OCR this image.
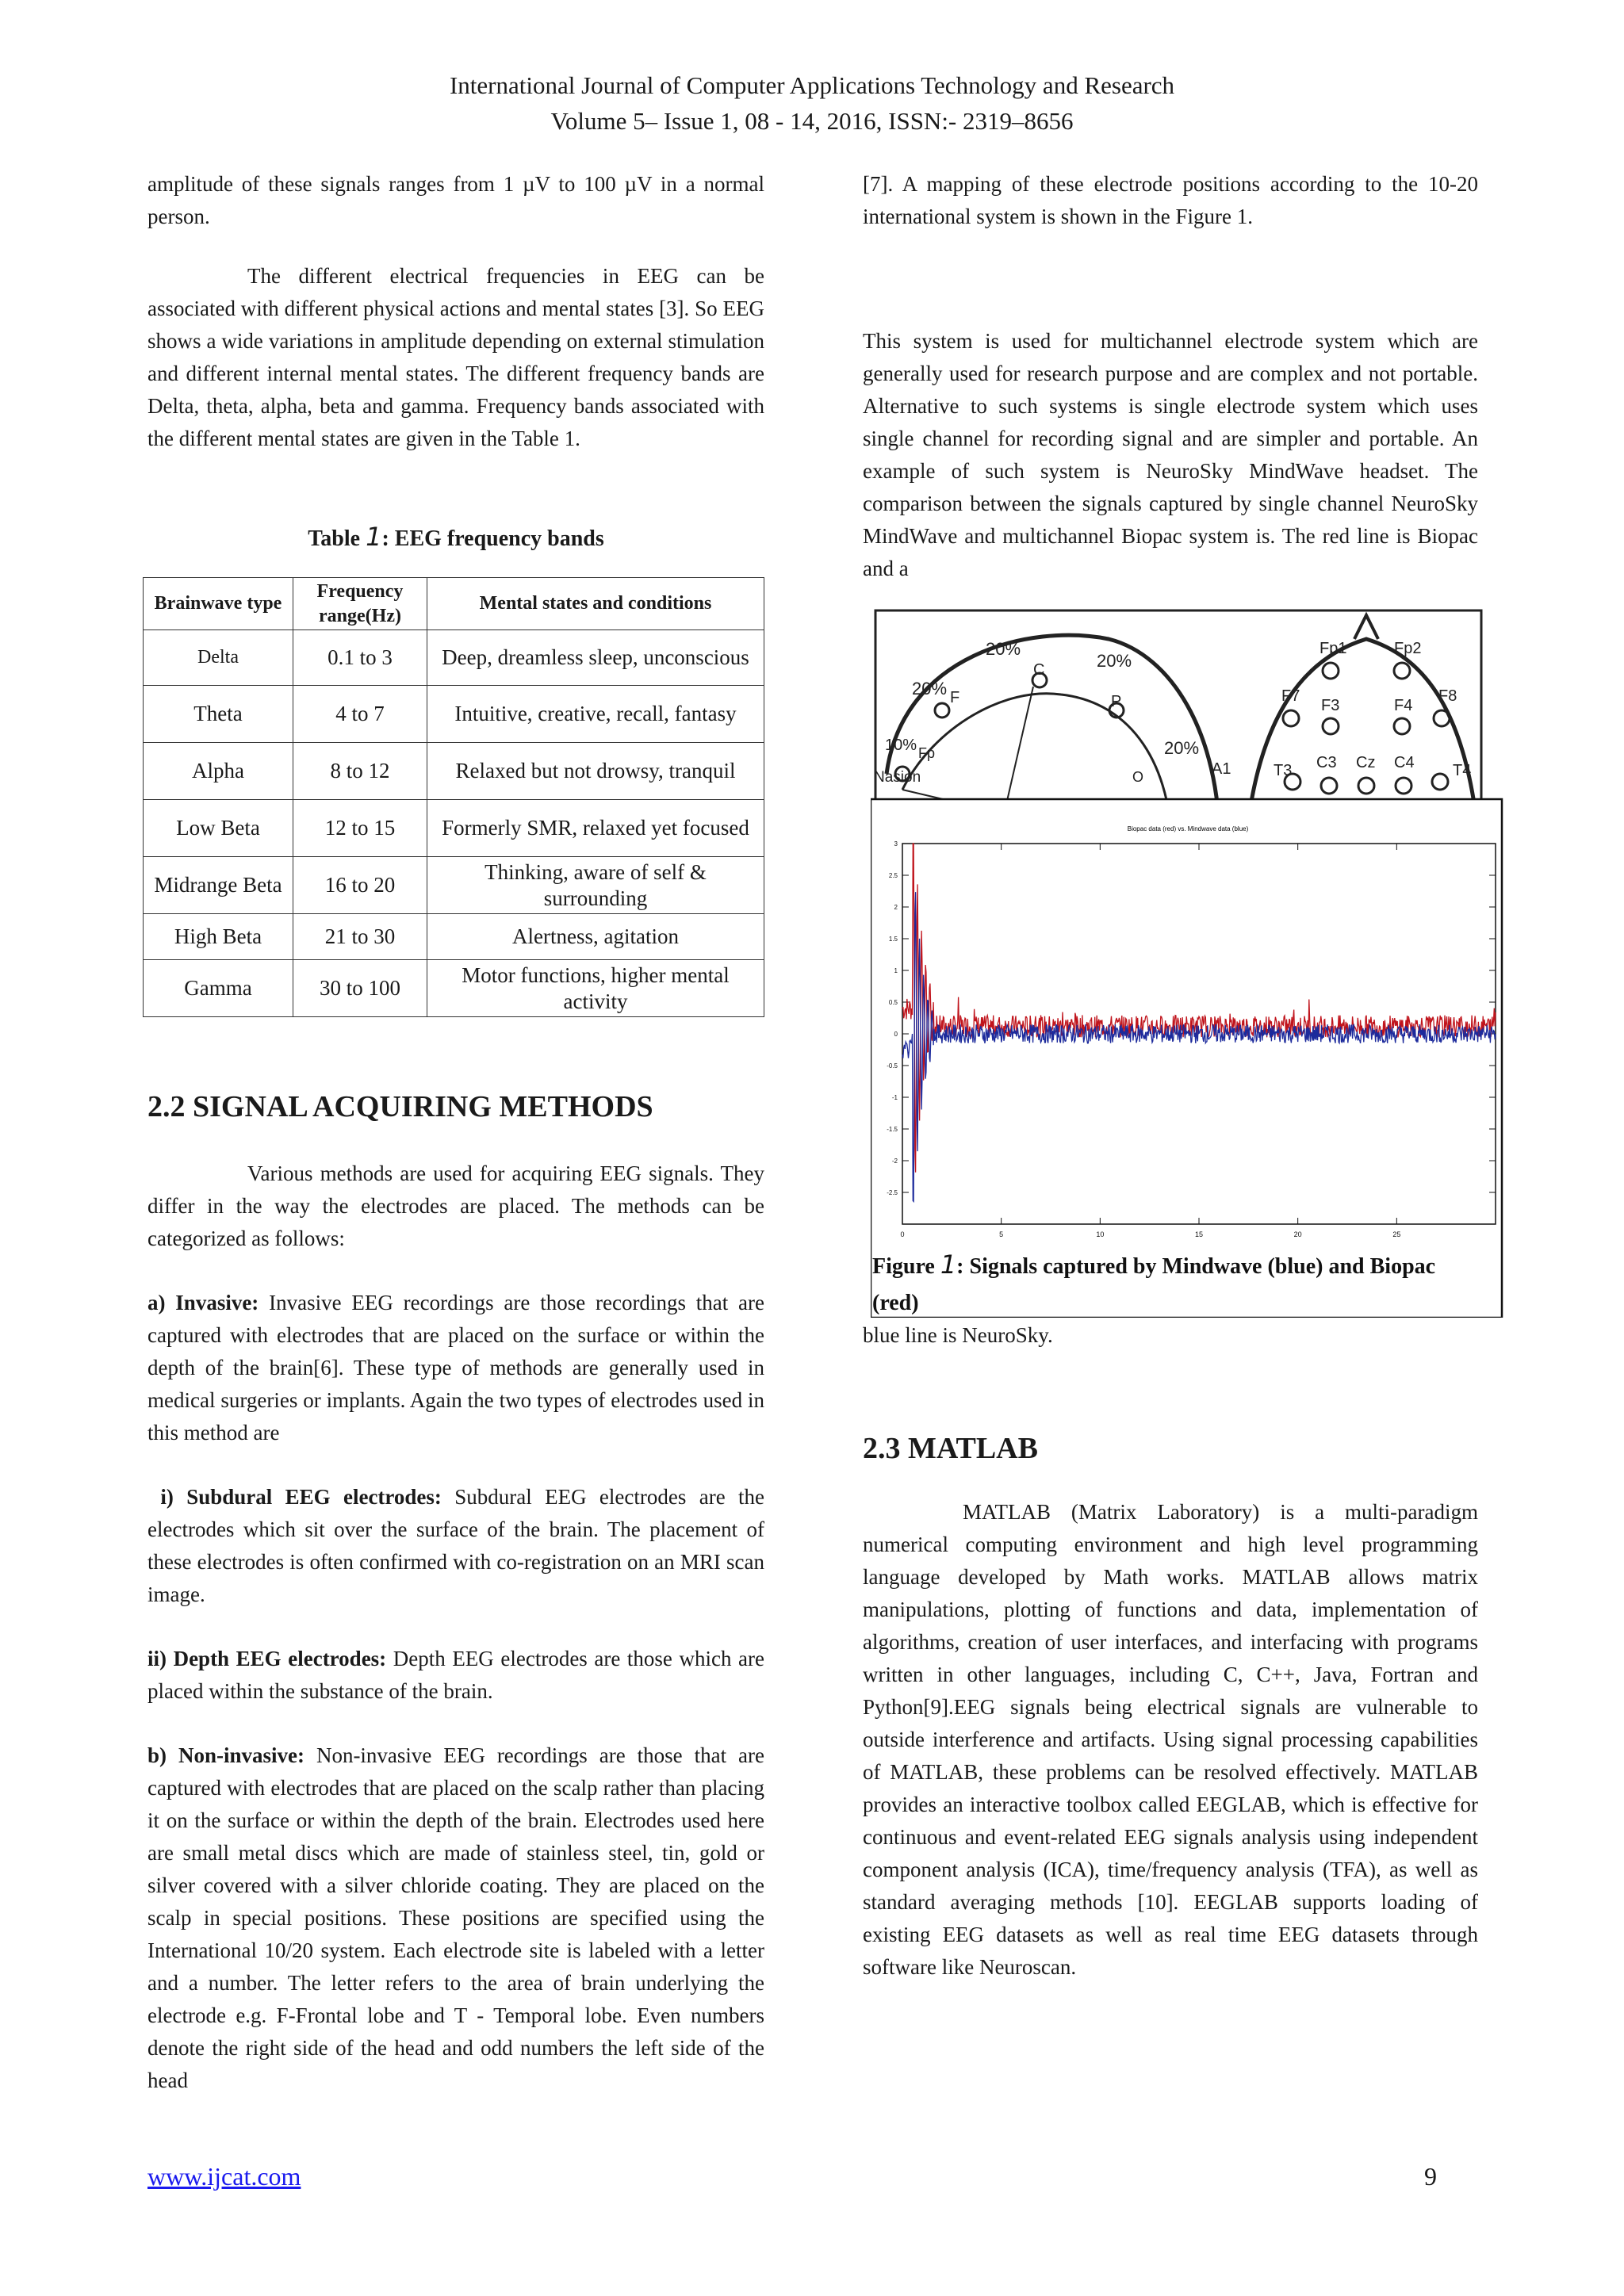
International Journal of Computer Applications Technology and Research
Volume 5– Issue 1, 08 - 14, 2016, ISSN:- 2319–8656

amplitude of these signals ranges from 1 µV to 100 µV in a normal person.

The different electrical frequencies in EEG can be associated with different physical actions and mental states [3]. So EEG shows a wide variations in amplitude depending on external stimulation and different internal mental states. The different frequency bands are Delta, theta, alpha, beta and gamma. Frequency bands associated with the different mental states are given in the Table 1.

Table 1: EEG frequency bands
Brainwave type	Frequency range(Hz)	Mental states and conditions
Delta	0.1 to 3	Deep, dreamless sleep, unconscious
Theta	4 to 7	Intuitive, creative, recall, fantasy
Alpha	8 to 12	Relaxed but not drowsy, tranquil
Low Beta	12 to 15	Formerly SMR, relaxed yet focused
Midrange Beta	16 to 20	Thinking, aware of self & surrounding
High Beta	21 to 30	Alertness, agitation
Gamma	30 to 100	Motor functions, higher mental activity
2.2 SIGNAL ACQUIRING METHODS

Various methods are used for acquiring EEG signals. They differ in the way the electrodes are placed. The methods can be categorized as follows:

a) Invasive: Invasive EEG recordings are those recordings that are captured with electrodes that are placed on the surface or within the depth of the brain[6]. These type of methods are generally used in medical surgeries or implants. Again the two types of electrodes used in this method are

i) Subdural EEG electrodes: Subdural EEG electrodes are the electrodes which sit over the surface of the brain. The placement of these electrodes is often confirmed with co-registration on an MRI scan image.

ii) Depth EEG electrodes: Depth EEG electrodes are those which are placed within the substance of the brain.

b) Non-invasive: Non-invasive EEG recordings are those that are captured with electrodes that are placed on the scalp rather than placing it on the surface or within the depth of the brain. Electrodes used here are small metal discs which are made of stainless steel, tin, gold or silver covered with a silver chloride coating. They are placed on the scalp in special positions. These positions are specified using the International 10/20 system. Each electrode site is labeled with a letter and a number. The letter refers to the area of brain underlying the electrode e.g. F-Frontal lobe and T - Temporal lobe. Even numbers denote the right side of the head and odd numbers the left side of the head

[7]. A mapping of these electrode positions according to the 10-20 international system is shown in the Figure 1.

This system is used for multichannel electrode system which are generally used for research purpose and are complex and not portable. Alternative to such systems is single electrode system which uses single channel for recording signal and are simpler and portable. An example of such system is NeuroSky MindWave headset. The comparison between the signals captured by single channel NeuroSky MindWave and multichannel Biopac system is. The red line is Biopac and a

20%
20%
20%
10%	20%
Nasion
F
C
P
Fp
O
Fp1	Fp2
F7
F3	F4
F8
A1	T3 C3 Cz C4 T4
Biopac data (red) vs. Mindwave data (blue)
0	5	10	15	20	25
3
2.5
2
1.5
1
0.5
0
-0.5
-1
-1.5
-2
-2.5
Figure 1: Signals captured by Mindwave (blue) and Biopac
(red)

blue line is NeuroSky.

2.3 MATLAB

MATLAB (Matrix Laboratory) is a multi-paradigm numerical computing environment and high level programming language developed by Math works. MATLAB allows matrix manipulations, plotting of functions and data, implementation of algorithms, creation of user interfaces, and interfacing with programs written in other languages, including C, C++, Java, Fortran and Python[9].EEG signals being electrical signals are vulnerable to outside interference and artifacts. Using signal processing capabilities of MATLAB, these problems can be resolved effectively. MATLAB provides an interactive toolbox called EEGLAB, which is effective for continuous and event-related EEG signals analysis using independent component analysis (ICA), time/frequency analysis (TFA), as well as standard averaging methods [10]. EEGLAB supports loading of existing EEG datasets as well as real time EEG datasets through software like Neuroscan.

www.ijcat.com	9
